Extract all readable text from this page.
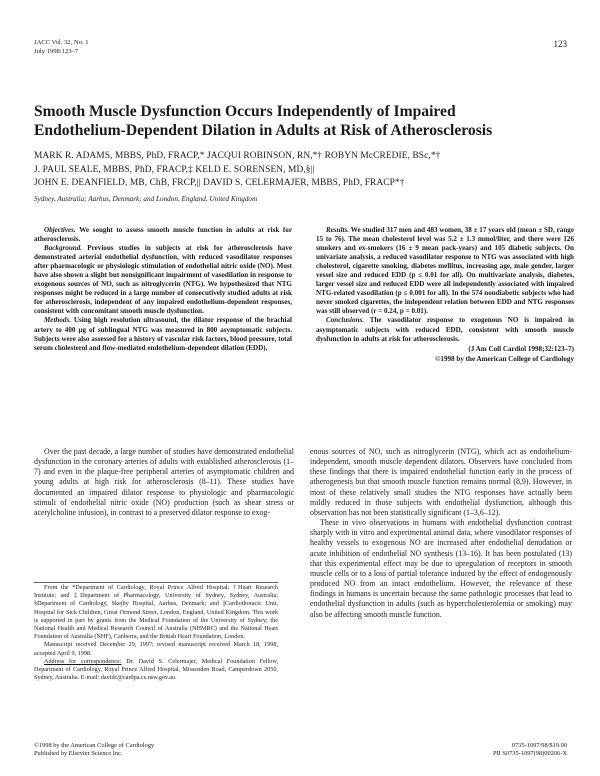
JACC Vol. 32, No. 1
July 1998:123–7
123
Smooth Muscle Dysfunction Occurs Independently of Impaired
Endothelium-Dependent Dilation in Adults at Risk of Atherosclerosis
MARK R. ADAMS, MBBS, PhD, FRACP,* JACQUI ROBINSON, RN,*† ROBYN McCREDIE, BSc,*†
J. PAUL SEALE, MBBS, PhD, FRACP,‡ KELD E. SORENSEN, MD,§||
JOHN E. DEANFIELD, MB, ChB, FRCP,|| DAVID S. CELERMAJER, MBBS, PhD, FRACP*†
Sydney, Australia; Aarhus, Denmark; and London, England, United Kingdom

Objectives. We sought to assess smooth muscle function in adults at risk for atherosclerosis.

Background. Previous studies in subjects at risk for atherosclerosis have demonstrated arterial endothelial dysfunction, with reduced vasodilator responses after pharmacologic or physiologic stimulation of endothelial nitric oxide (NO). Most have also shown a slight but nonsignificant impairment of vasodilation in response to exogenous sources of NO, such as nitroglycerin (NTG). We hypothesized that NTG responses might be reduced in a large number of consecutively studied adults at risk for atherosclerosis, independent of any impaired endothelium-dependent responses, consistent with concomitant smooth muscle dysfunction.

Methods. Using high resolution ultrasound, the dilator response of the brachial artery to 400 μg of sublingual NTG was measured in 800 asymptomatic subjects. Subjects were also assessed for a history of vascular risk factors, blood pressure, total serum cholesterol and flow-mediated endothelium-dependent dilation (EDD).

Results. We studied 317 men and 483 women, 38 ± 17 years old (mean ± SD, range 15 to 76). The mean cholesterol level was 5.2 ± 1.3 mmol/liter, and there were 126 smokers and ex-smokers (16 ± 9 mean pack-years) and 105 diabetic subjects. On univariate analysis, a reduced vasodilator response to NTG was associated with high cholesterol, cigarette smoking, diabetes mellitus, increasing age, male gender, larger vessel size and reduced EDD (p ≤ 0.01 for all). On multivariate analysis, diabetes, larger vessel size and reduced EDD were all independently associated with impaired NTG-related vasodilation (p ≤ 0.001 for all). In the 574 nondiabetic subjects who had never smoked cigarettes, the independent relation between EDD and NTG responses was still observed (r = 0.24, p = 0.01).

Conclusions. The vasodilator response to exogenous NO is impaired in asymptomatic subjects with reduced EDD, consistent with smooth muscle dysfunction in adults at risk for atherosclerosis.

(J Am Coll Cardiol 1998;32:123–7)

©1998 by the American College of Cardiology

Over the past decade, a large number of studies have demonstrated endothelial dysfunction in the coronary arteries of adults with established atherosclerosis (1–7) and even in the plaque-free peripheral arteries of asymptomatic children and young adults at high risk for atherosclerosis (8–11). These studies have documented an impaired dilator response to physiologic and pharmacologic stimuli of endothelial nitric oxide (NO) production (such as shear stress or acetylcholine infusion), in contrast to a preserved dilator response to exog-

From the *Department of Cardiology, Royal Prince Alfred Hospital; †Heart Research Institute; and ‡Department of Pharmacology, University of Sydney, Sydney, Australia; §Department of Cardiology, Skejby Hospital, Aarhus, Denmark; and ||Cardiothoracic Unit, Hospital for Sick Children, Great Ormond Street, London, England, United Kingdom. This work is supported in part by grants from the Medical Foundation of the University of Sydney; the National Health and Medical Research Council of Australia (NHMRC) and the National Heart Foundation of Australia (NHF), Canberra, and the British Heart Foundation, London.

Manuscript received December 29, 1997; revised manuscript received March 18, 1998, accepted April 9, 1998.

Address for correspondence: Dr. David S. Celermajer, Medical Foundation Fellow, Department of Cardiology, Royal Prince Alfred Hospital, Missenden Road, Camperdown 2050, Sydney, Australia. E-mail: davidc@cardpa.cs.nsw.gov.au.

enous sources of NO, such as nitroglycerin (NTG), which act as endothelium-independent, smooth muscle dependent dilators. Observers have concluded from these findings that there is impaired endothelial function early in the process of atherogenesis but that smooth muscle function remains normal (8,9). However, in most of these relatively small studies the NTG responses have actually been mildly reduced in those subjects with endothelial dysfunction, although this observation has not been statistically significant (1–3,6–12).

These in vivo observations in humans with endothelial dysfunction contrast sharply with in vitro and experimental animal data, where vasodilator responses of healthy vessels to exogenous NO are increased after endothelial denudation or acute inhibition of endothelial NO synthesis (13–16). It has been postulated (13) that this experimental effect may be due to upregulation of receptors in smooth muscle cells or to a loss of partial tolerance induced by the effect of endogenously produced NO from an intact endothelium. However, the relevance of these findings in humans is uncertain because the same pathologic processes that lead to endothelial dysfunction in adults (such as hypercholesterolemia or smoking) may also be affecting smooth muscle function.

©1998 by the American College of Cardiology
Published by Elsevier Science Inc.
0735-1097/98/$19.00
PII S0735-1097(98)00206-X
